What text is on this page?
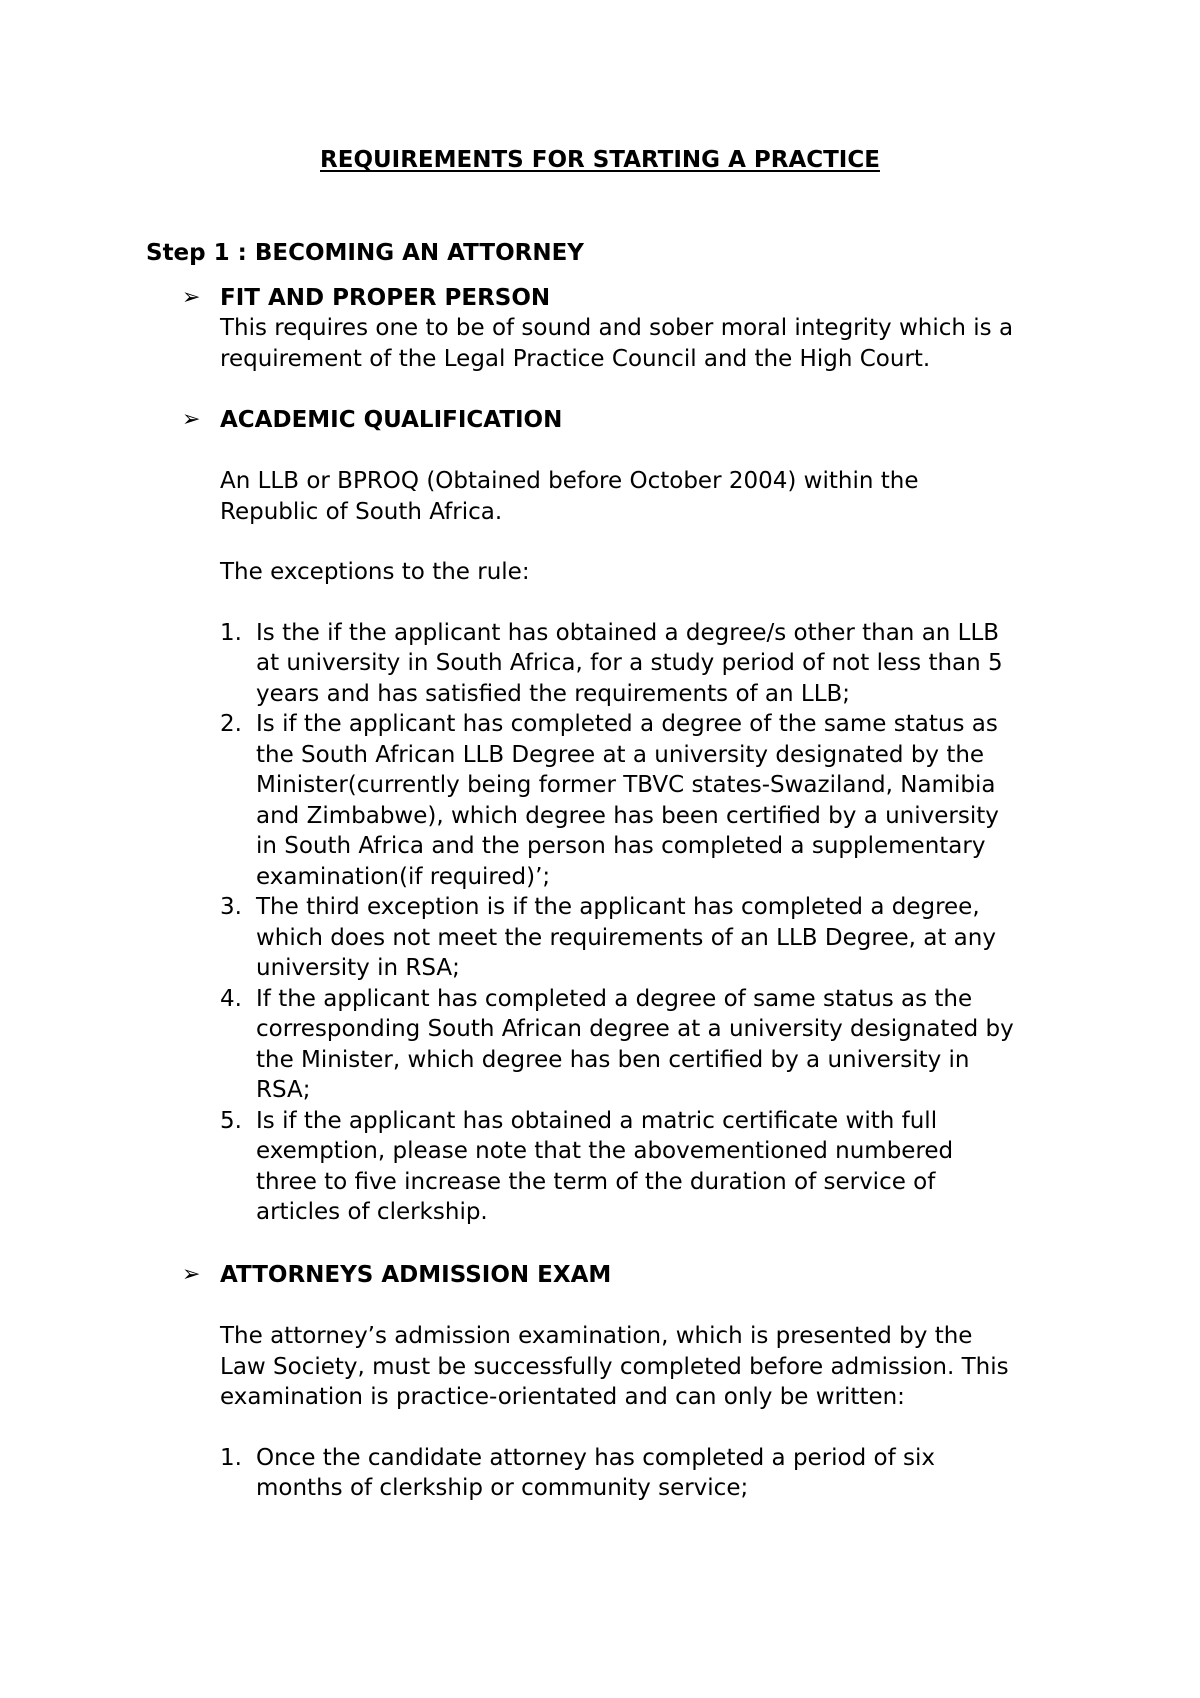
REQUIREMENTS FOR STARTING A PRACTICE
Step 1 : BECOMING AN ATTORNEY
➢ FIT AND PROPER PERSON
This requires one to be of sound and sober moral integrity which is a
requirement of the Legal Practice Council and the High Court.
➢ ACADEMIC QUALIFICATION
An LLB or BPROQ (Obtained before October 2004) within the
Republic of South Africa.
The exceptions to the rule:
1. Is the if the applicant has obtained a degree/s other than an LLB
at university in South Africa, for a study period of not less than 5
years and has satisfied the requirements of an LLB;
2. Is if the applicant has completed a degree of the same status as
the South African LLB Degree at a university designated by the
Minister(currently being former TBVC states-Swaziland, Namibia
and Zimbabwe), which degree has been certified by a university
in South Africa and the person has completed a supplementary
examination(if required)’;
3. The third exception is if the applicant has completed a degree,
which does not meet the requirements of an LLB Degree, at any
university in RSA;
4. If the applicant has completed a degree of same status as the
corresponding South African degree at a university designated by
the Minister, which degree has ben certified by a university in
RSA;
5. Is if the applicant has obtained a matric certificate with full
exemption, please note that the abovementioned numbered
three to five increase the term of the duration of service of
articles of clerkship.
➢ ATTORNEYS ADMISSION EXAM
The attorney’s admission examination, which is presented by the
Law Society, must be successfully completed before admission. This
examination is practice-orientated and can only be written:
1. Once the candidate attorney has completed a period of six
months of clerkship or community service;
